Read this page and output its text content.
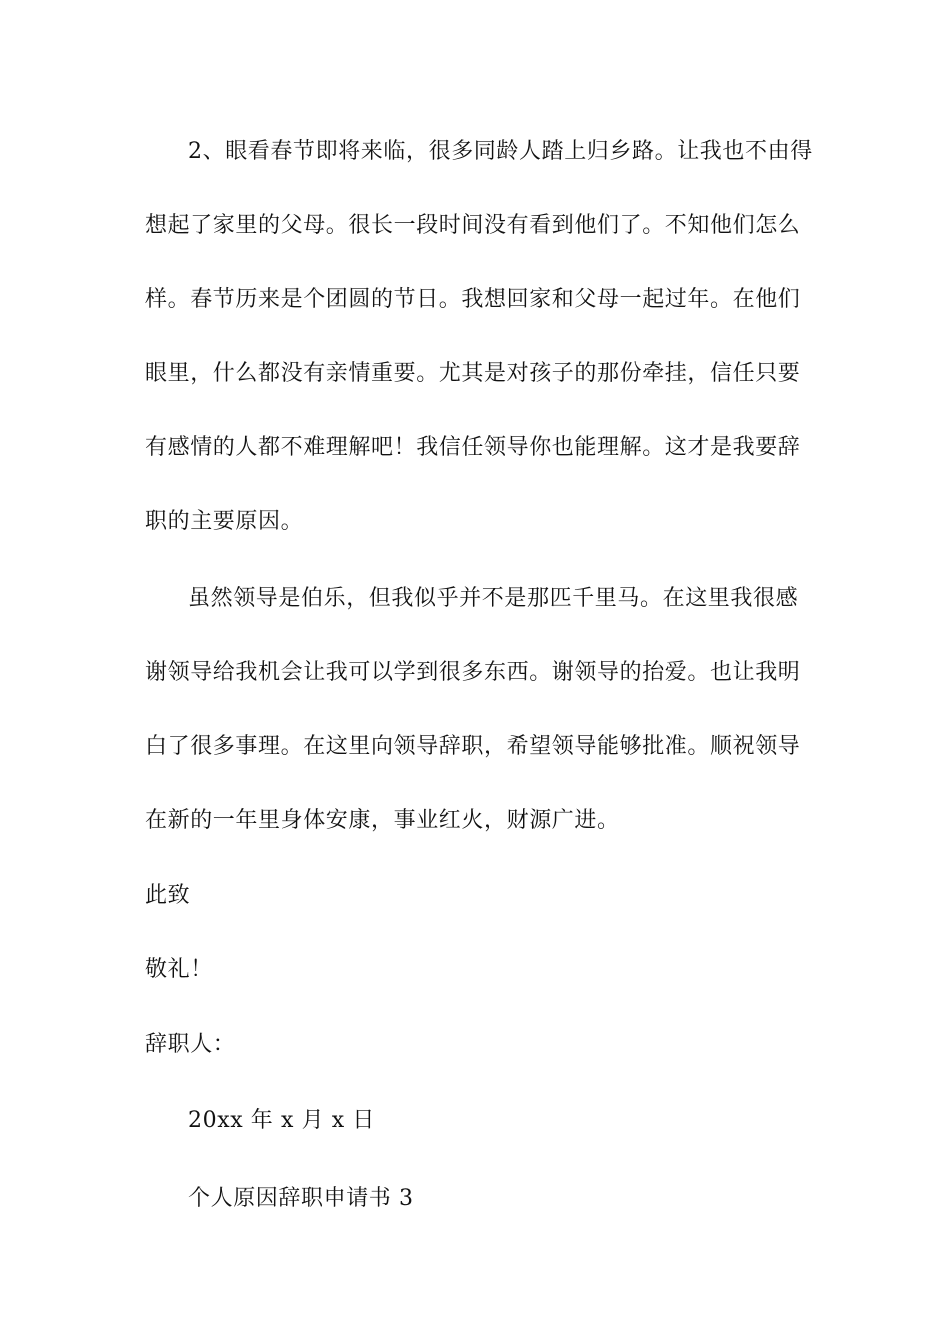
2、眼看春节即将来临，很多同龄人踏上归乡路。让我也不由得
想起了家里的父母。很长一段时间没有看到他们了。不知他们怎么
样。春节历来是个团圆的节日。我想回家和父母一起过年。在他们
眼里，什么都没有亲情重要。尤其是对孩子的那份牵挂，信任只要
有感情的人都不难理解吧！我信任领导你也能理解。这才是我要辞
职的主要原因。
虽然领导是伯乐，但我似乎并不是那匹千里马。在这里我很感
谢领导给我机会让我可以学到很多东西。谢领导的抬爱。也让我明
白了很多事理。在这里向领导辞职，希望领导能够批准。顺祝领导
在新的一年里身体安康，事业红火，财源广进。
此致
敬礼！
辞职人：
20xx 年 x 月 x 日
个人原因辞职申请书 3
